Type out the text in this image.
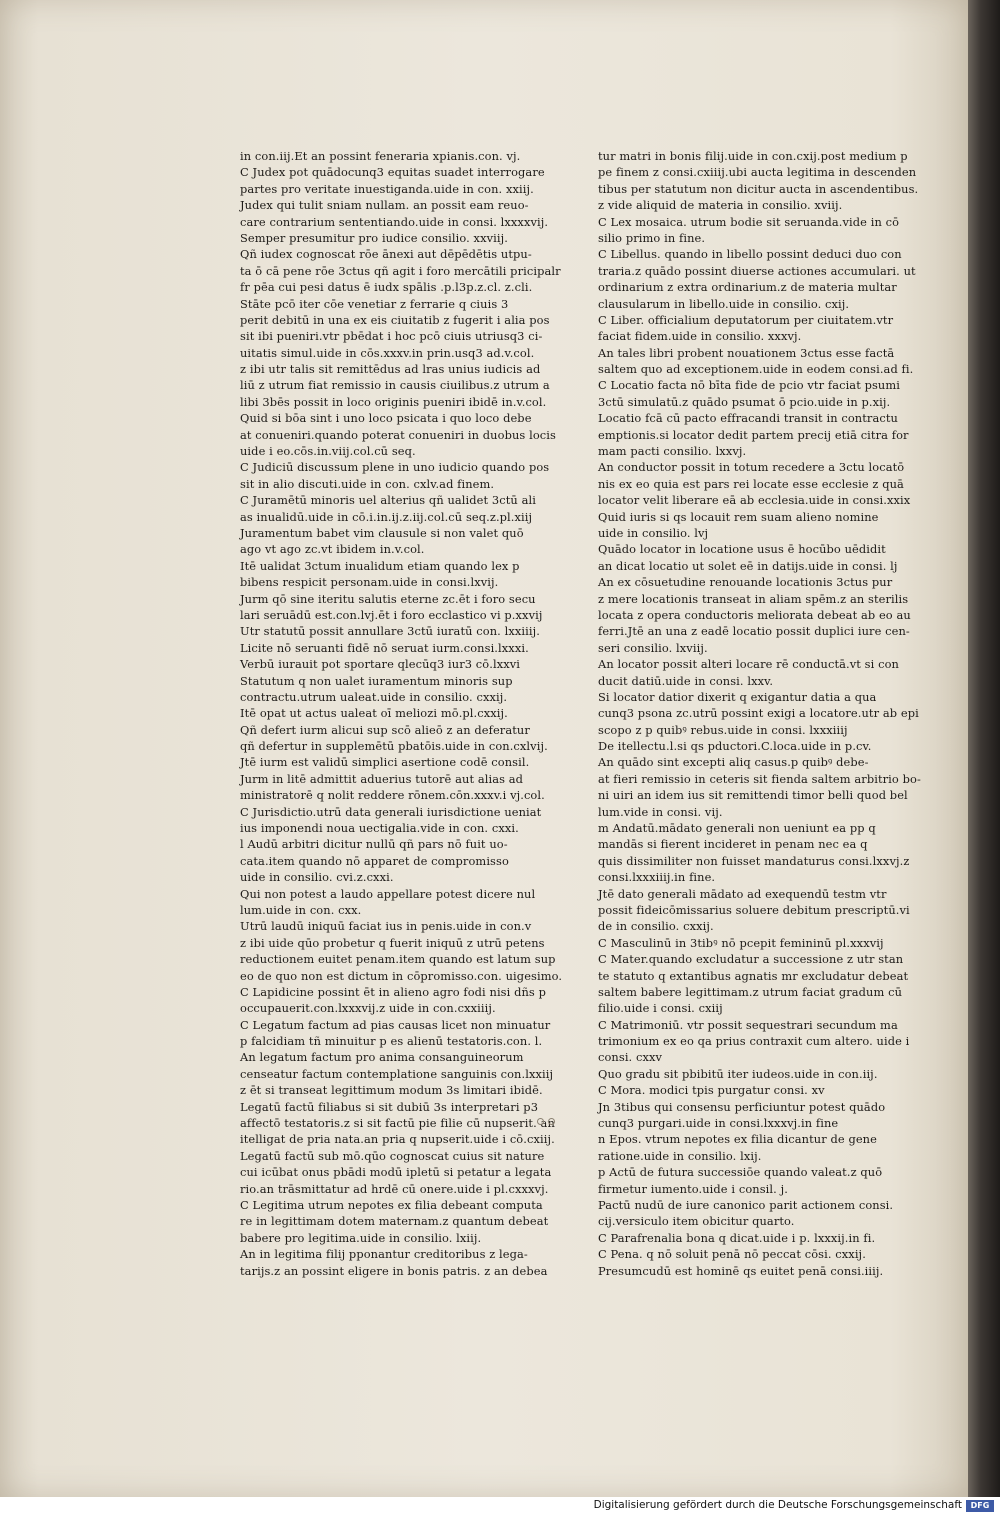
in con.iij.Et an possint feneraria xpianis.con. vj.
C Judex pot quādocunq3 equitas suadet interrogare
partes pro veritate inuestiganda.uide in con. xxiij.
Judex qui tulit sniam nullam. an possit eam reuo-
care contrarium sententiando.uide in consi. lxxxxvij.
Semper presumitur pro iudice consilio. xxviij.
Qñ iudex cognoscat rōe ānexi aut dēpēdētis utpu-
ta ō cā pene rōe 3ctus qñ agit i foro mercātili pricipalr
fr pēa cui pesi datus ē iudx spālis .p.l3p.z.cl. z.cli.
Stāte pcō iter cōe venetiar z ferrarie q ciuis 3
perit debitū in una ex eis ciuitatib z fugerit i alia pos
sit ibi pueniri.vtr pbēdat i hoc pcō ciuis utriusq3 ci-
uitatis simul.uide in cōs.xxxv.in prin.usq3 ad.v.col.
z ibi utr talis sit remittēdus ad lras unius iudicis ad
liū z utrum fiat remissio in causis ciuilibus.z utrum a
libi 3bēs possit in loco originis pueniri ibidē in.v.col.
Quid si bōa sint i uno loco psicata i quo loco debe
at conueniri.quando poterat conueniri in duobus locis
uide i eo.cōs.in.viij.col.cū seq.
C Judiciū discussum plene in uno iudicio quando pos
sit in alio discuti.uide in con. cxlv.ad finem.
C Juramētū minoris uel alterius qñ ualidet 3ctū ali
as inualidū.uide in cō.i.in.ij.z.iij.col.cū seq.z.pl.xiij
Juramentum babet vim clausule si non valet quō
ago vt ago zc.vt ibidem in.v.col.
Itē ualidat 3ctum inualidum etiam quando lex p
bibens respicit personam.uide in consi.lxvij.
Jurm qō sine iteritu salutis eterne zc.ēt i foro secu
lari seruādū est.con.lvj.ēt i foro ecclastico vi p.xxvij
Utr statutū possit annullare 3ctū iuratū con. lxxiiij.
Licite nō seruanti fidē nō seruat iurm.consi.lxxxi.
Verbū iurauit pot sportare qlecūq3 iur3 cō.lxxvi
Statutum q non ualet iuramentum minoris sup
contractu.utrum ualeat.uide in consilio. cxxij.
Itē opat ut actus ualeat oī meliozi mō.pl.cxxij.
Qñ defert iurm alicui sup scō alieō z an deferatur
qñ defertur in supplemētū pbatōis.uide in con.cxlvij.
Jtē iurm est validū simplici asertione codē consil.
Jurm in litē admittit aduerius tutorē aut alias ad
ministratorē q nolit reddere rōnem.cōn.xxxv.i vj.col.
C Jurisdictio.utrū data generali iurisdictione ueniat
ius imponendi noua uectigalia.vide in con. cxxi.
l Audū arbitri dicitur nullū qñ pars nō fuit uo-
cata.item quando nō apparet de compromisso
uide in consilio. cvi.z.cxxi.
Qui non potest a laudo appellare potest dicere nul
lum.uide in con. cxx.
Utrū laudū iniquū faciat ius in penis.uide in con.v
z ibi uide qūo probetur q fuerit iniquū z utrū petens
reductionem euitet penam.item quando est latum sup
eo de quo non est dictum in cōpromisso.con. uigesimo.
C Lapidicine possint ēt in alieno agro fodi nisi dñs p
occupauerit.con.lxxxvij.z uide in con.cxxiiij.
C Legatum factum ad pias causas licet non minuatur
p falcidiam tñ minuitur p es alienū testatoris.con. l.
An legatum factum pro anima consanguineorum
censeatur factum contemplatione sanguinis con.lxxiij
z ēt si transeat legittimum modum 3s limitari ibidē.
Legatū factū filiabus si sit dubiū 3s interpretari p3
affectō testatoris.z si sit factū pie filie cū nupserit. an
itelligat de pria nata.an pria q nupserit.uide i cō.cxiij.
Legatū factū sub mō.qūo cognoscat cuius sit nature
cui icūbat onus pbādi modū ipletū si petatur a legata
rio.an trāsmittatur ad hrdē cū onere.uide i pl.cxxxvj.
C Legitima utrum nepotes ex filia debeant computa
re in legittimam dotem maternam.z quantum debeat
babere pro legitima.uide in consilio. lxiij.
An in legitima filij pponantur creditoribus z lega-
tarijs.z an possint eligere in bonis patris. z an debea
tur matri in bonis filij.uide in con.cxij.post medium p
pe finem z consi.cxiiij.ubi aucta legitima in descenden
tibus per statutum non dicitur aucta in ascendentibus.
z vide aliquid de materia in consilio. xviij.
C Lex mosaica. utrum bodie sit seruanda.vide in cō
silio primo in fine.
C Libellus. quando in libello possint deduci duo con
traria.z quādo possint diuerse actiones accumulari. ut
ordinarium z extra ordinarium.z de materia multar
clausularum in libello.uide in consilio. cxij.
C Liber. officialium deputatorum per ciuitatem.vtr
faciat fidem.uide in consilio. xxxvj.
An tales libri probent nouationem 3ctus esse factā
saltem quo ad exceptionem.uide in eodem consi.ad fi.
C Locatio facta nō bīta fide de pcio vtr faciat psumi
3ctū simulatū.z quādo psumat ō pcio.uide in p.xij.
Locatio fcā cū pacto effracandi transit in contractu
emptionis.si locator dedit partem precij etiā citra for
mam pacti consilio. lxxvj.
An conductor possit in totum recedere a 3ctu locatō
nis ex eo quia est pars rei locate esse ecclesie z quā
locator velit liberare eā ab ecclesia.uide in consi.xxix
Quid iuris si qs locauit rem suam alieno nomine
uide in consilio. lvj
Quādo locator in locatione usus ē hocūbo uēdidit
an dicat locatio ut solet eē in datijs.uide in consi. lj
An ex cōsuetudine renouande locationis 3ctus pur
z mere locationis transeat in aliam spēm.z an sterilis
locata z opera conductoris meliorata debeat ab eo au
ferri.Jtē an una z eadē locatio possit duplici iure cen-
seri consilio. lxviij.
An locator possit alteri locare rē conductā.vt si con
ducit datiū.uide in consi. lxxv.
Si locator datior dixerit q exigantur datia a qua
cunq3 psona zc.utrū possint exigi a locatore.utr ab epi
scopo z p quibꝰ rebus.uide in consi. lxxxiiij
De itellectu.l.si qs pductori.C.loca.uide in p.cv.
An quādo sint excepti aliq casus.p quibꝰ debe-
at fieri remissio in ceteris sit fienda saltem arbitrio bo-
ni uiri an idem ius sit remittendi timor belli quod bel
lum.vide in consi. vij.
m Andatū.mādato generali non ueniunt ea pp q
mandās si fierent incideret in penam nec ea q
quis dissimiliter non fuisset mandaturus consi.lxxvj.z
consi.lxxxiiij.in fine.
Jtē dato generali mādato ad exequendū testm vtr
possit fideicōmissarius soluere debitum prescriptū.vi
de in consilio. cxxij.
C Masculinū in 3tibꝰ nō pcepit femininū pl.xxxvij
C Mater.quando excludatur a successione z utr stan
te statuto q extantibus agnatis mr excludatur debeat
saltem babere legittimam.z utrum faciat gradum cū
filio.uide i consi. cxiij
C Matrimoniū. vtr possit sequestrari secundum ma
trimonium ex eo qa prius contraxit cum altero. uide i
consi. cxxv
Quo gradu sit pbibitū iter iudeos.uide in con.iij.
C Mora. modici tpis purgatur consi. xv
Jn 3tibus qui consensu perficiuntur potest quādo
cunq3 purgari.uide in consi.lxxxvj.in fine
n Epos. vtrum nepotes ex filia dicantur de gene
ratione.uide in consilio. lxij.
p Actū de futura successiōe quando valeat.z quō
firmetur iumento.uide i consil. j.
Pactū nudū de iure canonico parit actionem consi.
cij.versiculo item obicitur quarto.
C Parafrenalia bona q dicat.uide i p. lxxxij.in fi.
C Pena. q nō soluit penā nō peccat cōsi. cxxij.
Presumcudū est hominē qs euitet penā consi.iiij.
Digitalisierung gefördert durch die Deutsche Forschungsgemeinschaft	DFG
